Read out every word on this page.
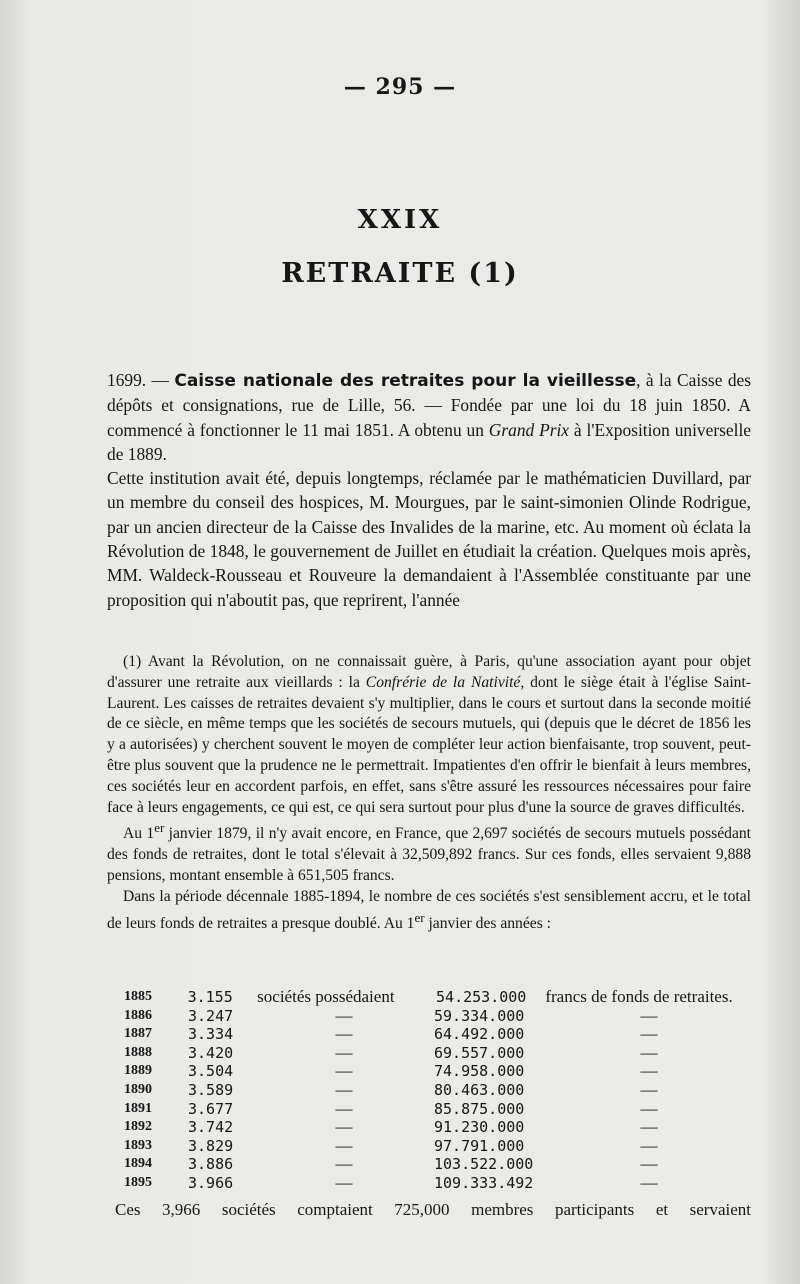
— 295 —
XXIX
RETRAITE (1)

1699. — Caisse nationale des retraites pour la vieillesse, à la Caisse des dépôts et consignations, rue de Lille, 56. — Fondée par une loi du 18 juin 1850. A commencé à fonctionner le 11 mai 1851. A obtenu un Grand Prix à l'Exposition universelle de 1889.

Cette institution avait été, depuis longtemps, réclamée par le mathématicien Duvillard, par un membre du conseil des hospices, M. Mourgues, par le saint-simonien Olinde Rodrigue, par un ancien directeur de la Caisse des Invalides de la marine, etc. Au moment où éclata la Révolution de 1848, le gouvernement de Juillet en étudiait la création. Quelques mois après, MM. Waldeck-Rousseau et Rouveure la demandaient à l'Assemblée constituante par une proposition qui n'aboutit pas, que reprirent, l'année

(1) Avant la Révolution, on ne connaissait guère, à Paris, qu'une association ayant pour objet d'assurer une retraite aux vieillards : la Confrérie de la Nativité, dont le siège était à l'église Saint-Laurent. Les caisses de retraites devaient s'y multiplier, dans le cours et surtout dans la seconde moitié de ce siècle, en même temps que les sociétés de secours mutuels, qui (depuis que le décret de 1856 les y a autorisées) y cherchent souvent le moyen de compléter leur action bienfaisante, trop souvent, peut-être plus souvent que la prudence ne le permettrait. Impatientes d'en offrir le bienfait à leurs membres, ces sociétés leur en accordent parfois, en effet, sans s'être assuré les ressources nécessaires pour faire face à leurs engagements, ce qui est, ce qui sera surtout pour plus d'une la source de graves difficultés.

Au 1er janvier 1879, il n'y avait encore, en France, que 2,697 sociétés de secours mutuels possédant des fonds de retraites, dont le total s'élevait à 32,509,892 francs. Sur ces fonds, elles servaient 9,888 pensions, montant ensemble à 651,505 francs.

Dans la période décennale 1885-1894, le nombre de ces sociétés s'est sensiblement accru, et le total de leurs fonds de retraites a presque doublé. Au 1er janvier des années :

1885	3.155	sociétés possédaient	54.253.000	francs de fonds de retraites.
1886	3.247	—	59.334.000	—
1887	3.334	—	64.492.000	—
1888	3.420	—	69.557.000	—
1889	3.504	—	74.958.000	—
1890	3.589	—	80.463.000	—
1891	3.677	—	85.875.000	—
1892	3.742	—	91.230.000	—
1893	3.829	—	97.791.000	—
1894	3.886	—	103.522.000	—
1895	3.966	—	109.333.492	—
Ces 3,966 sociétés comptaient 725,000 membres participants et servaient
